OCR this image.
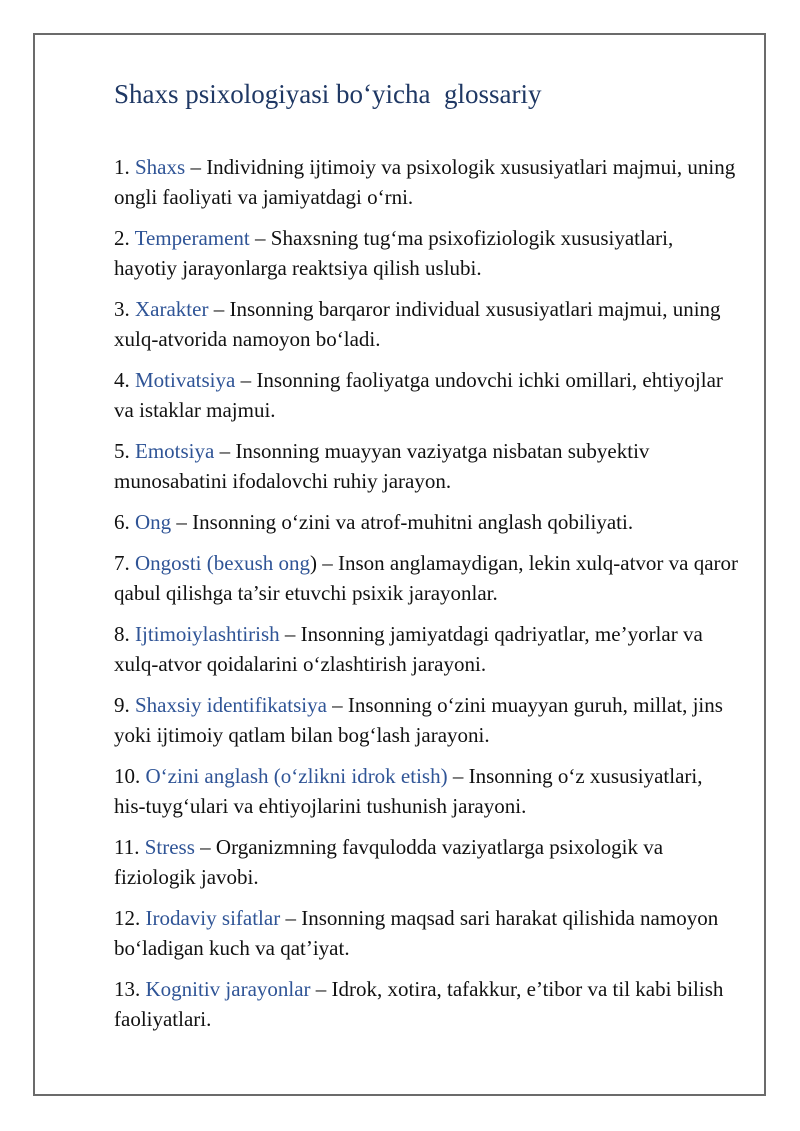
Shaxs psixologiyasi bo‘yicha  glossariy
1. Shaxs – Individning ijtimoiy va psixologik xususiyatlari majmui, uning ongli faoliyati va jamiyatdagi o‘rni.
2. Temperament – Shaxsning tug‘ma psixofiziologik xususiyatlari, hayotiy jarayonlarga reaktsiya qilish uslubi.
3. Xarakter – Insonning barqaror individual xususiyatlari majmui, uning xulq-atvorida namoyon bo‘ladi.
4. Motivatsiya – Insonning faoliyatga undovchi ichki omillari, ehtiyojlar va istaklar majmui.
5. Emotsiya – Insonning muayyan vaziyatga nisbatan subyektiv munosabatini ifodalovchi ruhiy jarayon.
6. Ong – Insonning o‘zini va atrof-muhitni anglash qobiliyati.
7. Ongosti (bexush ong) – Inson anglamaydigan, lekin xulq-atvor va qaror qabul qilishga ta’sir etuvchi psixik jarayonlar.
8. Ijtimoiylashtirish – Insonning jamiyatdagi qadriyatlar, me’yorlar va xulq-atvor qoidalarini o‘zlashtirish jarayoni.
9. Shaxsiy identifikatsiya – Insonning o‘zini muayyan guruh, millat, jins yoki ijtimoiy qatlam bilan bog‘lash jarayoni.
10. O‘zini anglash (o‘zlikni idrok etish) – Insonning o‘z xususiyatlari, his-tuyg‘ulari va ehtiyojlarini tushunish jarayoni.
11. Stress – Organizmning favqulodda vaziyatlarga psixologik va fiziologik javobi.
12. Irodaviy sifatlar – Insonning maqsad sari harakat qilishida namoyon bo‘ladigan kuch va qat’iyat.
13. Kognitiv jarayonlar – Idrok, xotira, tafakkur, e’tibor va til kabi bilish faoliyatlari.
